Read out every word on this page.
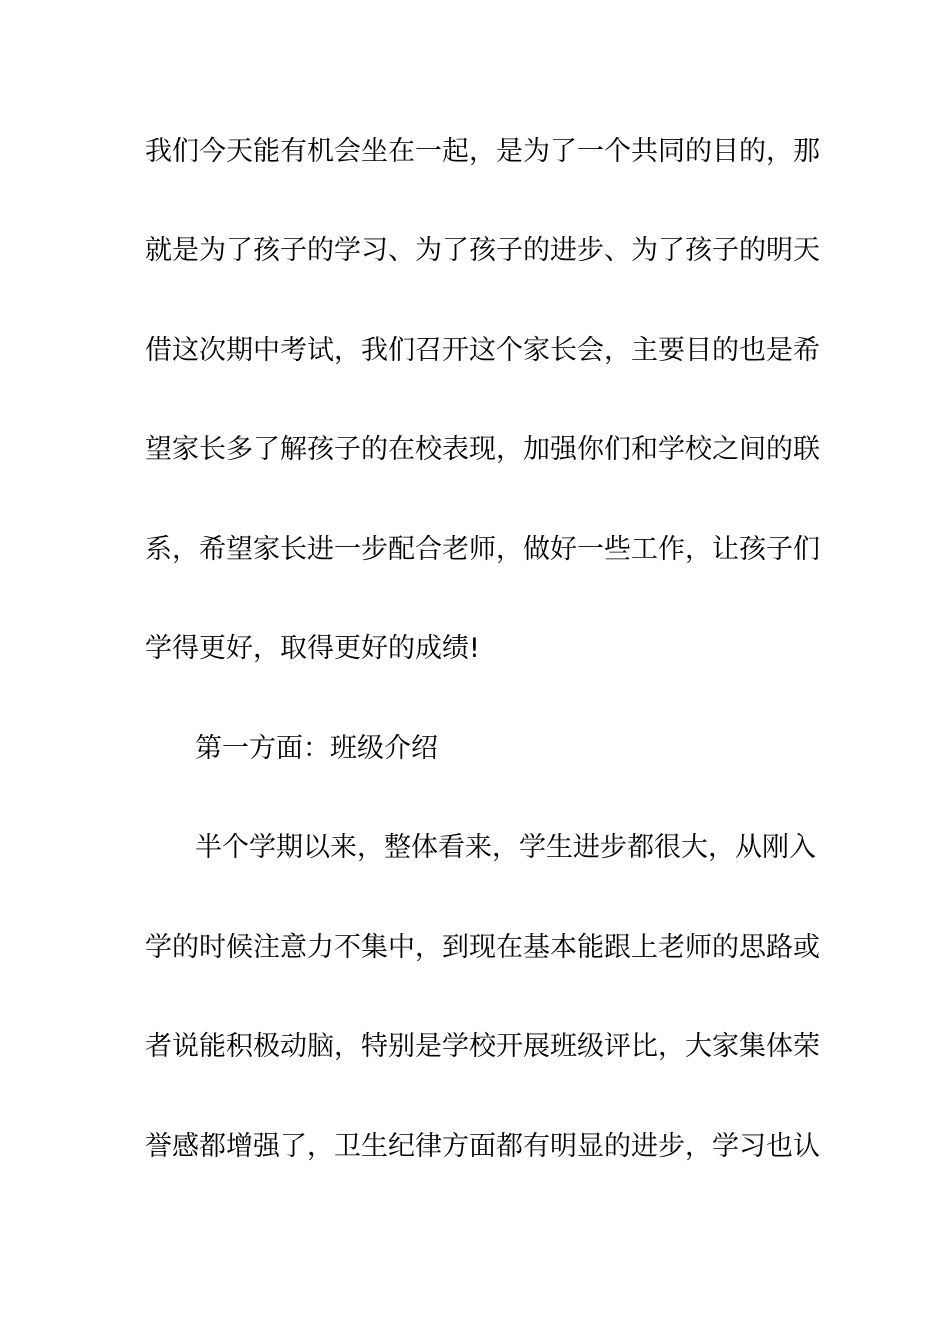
我们今天能有机会坐在一起，是为了一个共同的目的，那
就是为了孩子的学习、为了孩子的进步、为了孩子的明天
借这次期中考试，我们召开这个家长会，主要目的也是希
望家长多了解孩子的在校表现，加强你们和学校之间的联
系，希望家长进一步配合老师，做好一些工作，让孩子们
学得更好，取得更好的成绩!
第一方面：班级介绍
半个学期以来，整体看来，学生进步都很大，从刚入
学的时候注意力不集中，到现在基本能跟上老师的思路或
者说能积极动脑，特别是学校开展班级评比，大家集体荣
誉感都增强了，卫生纪律方面都有明显的进步，学习也认
